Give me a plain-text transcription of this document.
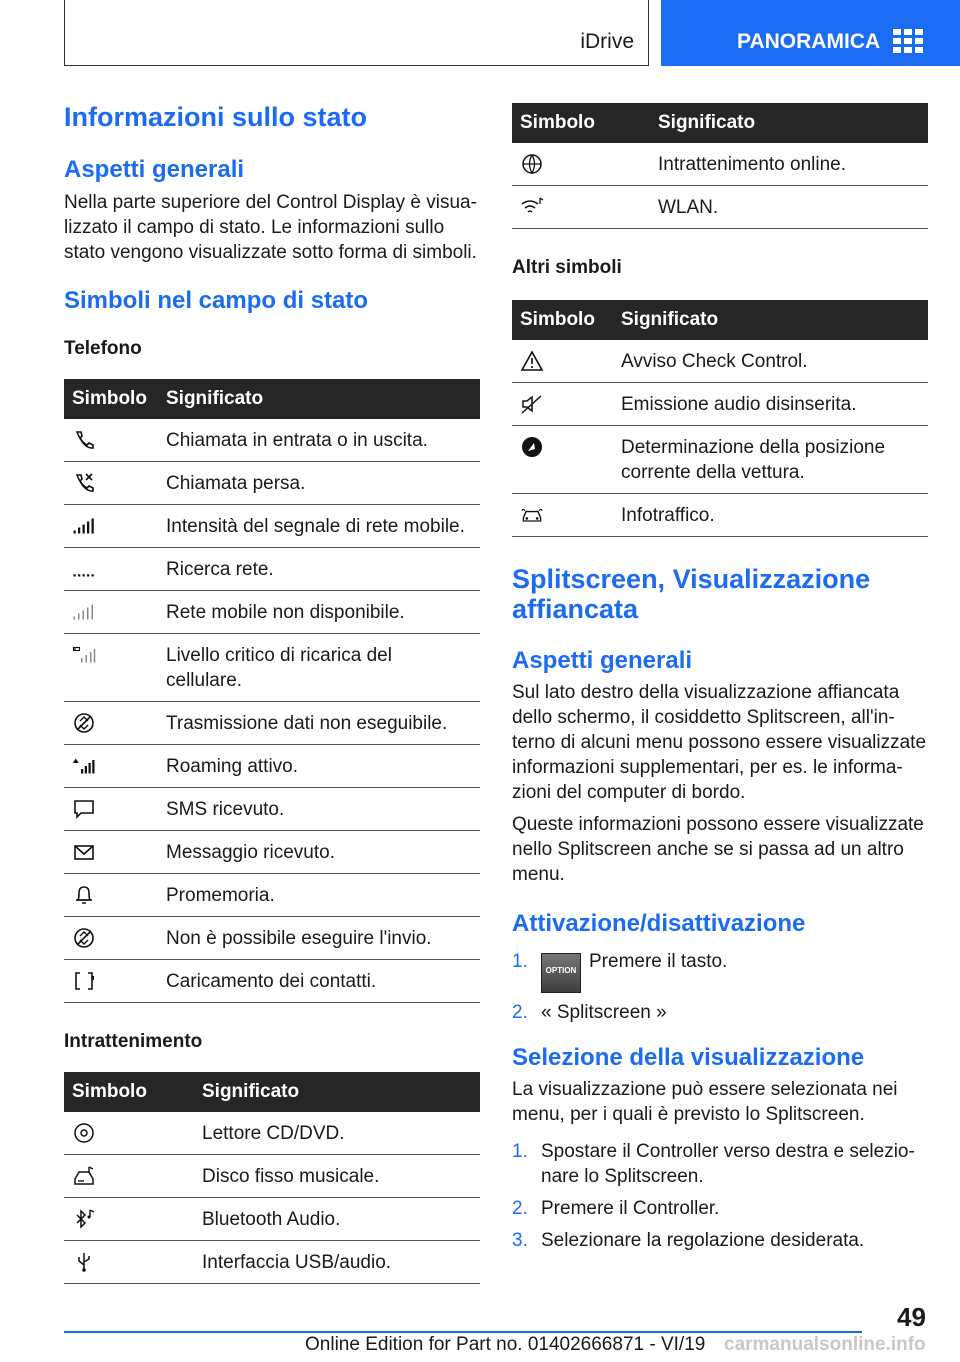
iDrive	PANORAMICA
Informazioni sullo stato
Aspetti generali

Nella parte superiore del Control Display è visualizzato il campo di stato. Le informazioni sullo stato vengono visualizzate sotto forma di simboli.

Simboli nel campo di stato
Telefono
Simbolo	Significato

	Chiamata in entrata o in uscita.

	Chiamata persa.

	Intensità del segnale di rete mobile.

	Ricerca rete.

	Rete mobile non disponibile.

	Livello critico di ricarica del cellulare.

	Trasmissione dati non eseguibile.

	Roaming attivo.

	SMS ricevuto.

	Messaggio ricevuto.

	Promemoria.

	Non è possibile eseguire l'invio.

	Caricamento dei contatti.
Intrattenimento
Simbolo	Significato

	Lettore CD/DVD.

	Disco fisso musicale.

	Bluetooth Audio.

	Interfaccia USB/audio.
Simbolo	Significato

	Intrattenimento online.

	WLAN.
Altri simboli
Simbolo	Significato

	Avviso Check Control.

	Emissione audio disinserita.

	Determinazione della posizione corrente della vettura.

	Infotraffico.
Splitscreen, Visualizzazione affiancata
Aspetti generali

Sul lato destro della visualizzazione affiancata dello schermo, il cosiddetto Splitscreen, all'interno di alcuni menu possono essere visualizzate informazioni supplementari, per es. le informazioni del computer di bordo.

Queste informazioni possono essere visualizzate nello Splitscreen anche se si passa ad un altro menu.

Attivazione/disattivazione
1. OPTION Premere il tasto.
2. « Splitscreen »
Selezione della visualizzazione

La visualizzazione può essere selezionata nei menu, per i quali è previsto lo Splitscreen.

1. Spostare il Controller verso destra e selezionare lo Splitscreen.
2. Premere il Controller.
3. Selezionare la regolazione desiderata.
49
Online Edition for Part no. 01402666871 - VI/19 carmanualsonline.info
